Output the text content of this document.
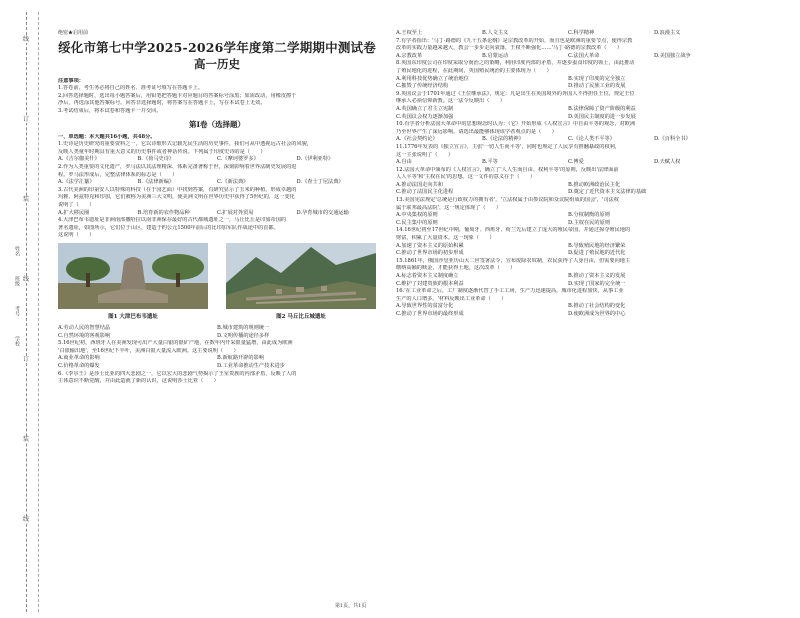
线
订
装
线
订
装
线
姓名
班级
考号
学校
绝密★启用前
绥化市第七中学2025-2026学年度第二学期期中测试卷
高一历史
注意事项：
1.答卷前，考生务必将自己的姓名、准考证号填写在答题卡上。
2.回答选择题时，选出每小题答案后，用铅笔把答题卡对应题目的答案标号涂黑；如需改动，用橡皮擦干
净后，再选涂其他答案标号。回答非选择题时，将答案写在答题卡上，写在本试卷上无效。
3.考试结束后，将本试卷和答题卡一并交回。
第Ⅰ卷（选择题）
一、单选题：本大题共16小题，共48分。
1.史诗是历史研究的重要资料之一，它以诗歌形式记载先民生活的历史事件，我们可从中透视远古社会的风貌，
反映人类童年时期具有重大意义的历史事件或者神话传说。下列属于印度史诗的是（　　）
A.《吉尔伽美什》	B.《荷马史诗》	C.《摩诃婆罗多》	D.《伊利亚特》
2.作为人类重要的文化遗产，罗马法以其法理精深、体系完备著称于世，深刻影响着世界法制史发展的进
程。罗马法形成后，完整法律体系的标志是（　　）
A.《法学汇纂》	B.《法律新编》	C.《新法典》	D.《查士丁尼法典》
3.古代美洲的印第安人以特殊的科技（在于园艺面）中找到答案，有研究显示了玉米的种植，形成卓越的
玛雅、阿兹特克和印加，它们被称为美洲三大文明，使美洲文明在世界历史中获得了5世纪的，这一变化
说明了（　　）
A.扩大移民圈	B.培育新的农作物品种	C.扩展对外贸易	D.孕育城市的交通运输
4.大津巴布韦遗址是非洲南部撒哈拉以南非洲保存最好的古代都城遗址之一，马丘比丘是印加帝国的
著名遗址，如图所示，它们位于山区，建造于约公元1500年前后的比印加军队作战途中的首都。
这说明（　　）
图1 大津巴布韦遗址	图2 马丘比丘城遗址
A.劳动人民的智慧结晶	B.城市建筑的规则统一
C.自然环境的客观影响	D.文明传播的途径多样
5.16世纪初，西班牙人在美洲发现可出产大量白银的银矿产地，在数年内开采银量猛增，由此成为欧洲
'白银输出地'，至16世纪下半叶，美洲白银大量流入欧洲。这主要说明（　　）
A.商业革命的影响	B.新航路开辟的影响
C.价格革命的爆发	D.工业革命推动生产技术进步
6.《李尔王》是莎士比亚的四大悲剧之一，它以宏大的悲剧气势揭示了王室贵族的内部矛盾，反映了人的
主体意识不断觉醒，并由此造就了新的认识，这说明莎士比亚（　　）
A.王权至上	B.人文主义	C.科学精神	D.浪漫主义
7.有学者指出：'马丁·路德的《九十五条论纲》是宗教改革的开始，而且也是欧洲的重要节点，使得宗教
改革的实践力量越来越大，教会一步步走向衰落，王权不断强化……'马丁·路德的宗教改革（　　）
A.宗教改革	B.启蒙运动	C.法国大革命	D.美国独立战争
8.英国东印度公司在印度采取分而治之的策略，利用印度内部的矛盾，并逐步蚕食印度的领土，由此推动
了殖民地化的进程，在此期间，英国殖民统治的主要体现为（　　）
A.利用科技优势确立了统治地位	B.实现了印度的完全独立
C.摧毁了传统经济结构	D.推动了民族工业的发展
9.英国议会于1701年通过《王位继承法》，规定：凡是出生在英国境外的外国人不得担任王位，规定王位
继承人必须信仰新教。这一法令反映出（　　）
A.英国确立了君主立宪制	B.法律保障了资产阶级的利益
C.英国议会权力逐渐加强	D.英国民主制度的进一步发展
10.有学者分析法国大革命中的思想观念时认为：（它）开始形成《人权宣言》中自由平等的观念，对欧洲
乃至世界产生了深远影响。请选出最能够体现该学者观点的是（　　）
A.《社会契约论》	B.《论法的精神》	C.《论人类不平等》	D.《百科全书》
11.1776年发表的《独立宣言》，主张'一切人生而平等'，同时也规定了人民享有推翻暴政的权利，
这一主张说明了（　　）
A.自由	B.平等	C.博爱	D.天赋人权
12.法国大革命中颁布的《人权宣言》，确立了'人人生而自由、权利平等'的原则，反映出'法律面前
人人平等'和'主权在民'的思想。这一文件的意义在于（　　）
A.推动法国走向共和	B.推动欧洲政治民主化
C.推动了法国民主化进程	D.奠定了近代资本主义法律的基础
13.美国宪法规定'总统是行政权力的拥有者'，'立法权属于由参议院和众议院组成的国会'，'司法权
属于联邦最高法院'。这一规定体现了（　　）
A.中央集权的原则	B.分权制衡的原则
C.民主集中的原则	D.主权在民的原则
14.16世纪初至17世纪中期，葡萄牙、西班牙、荷兰先后建立了庞大的殖民帝国，并通过掠夺殖民地的
财富，积累了大量资本。这一现象（　　）
A.加速了资本主义的原始积累	B.导致殖民地的经济繁荣
C.推动了世界市场的初步形成	D.促进了殖民地的近代化
15.1861年，俄国沙皇亚历山大二世签署法令，宣布废除农奴制，农民获得了人身自由，但需要向地主
缴纳高额的赎金，才能获得土地。这次改革（　　）
A.标志着资本主义制度确立	B.推动了资本主义的发展
C.维护了封建贵族的根本利益	D.实现了国家的完全统一
16.'在工业革命之后，工厂制度逐渐代替了手工工场，生产力迅速提高，城市化进程加快，从事工业
生产的人口增多。'材料反映出工业革命（　　）
A.导致世界性的贫富分化	B.推动了社会结构的变化
C.推动了世界市场的最终形成	D.使欧洲成为世界的中心
第1页，共1页
